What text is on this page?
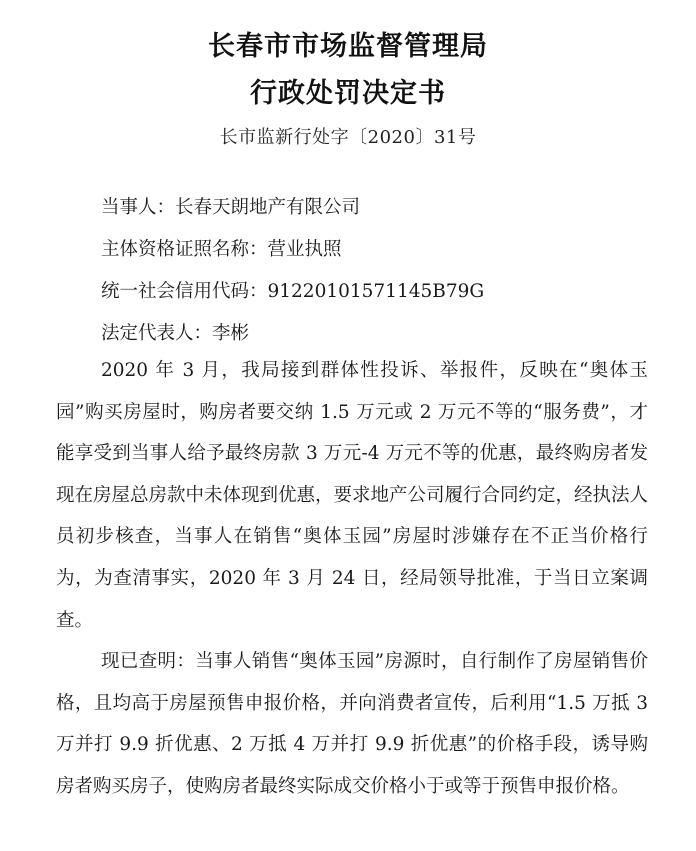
长春市市场监督管理局
行政处罚决定书
长市监新行处字〔2020〕31号
当事人：长春天朗地产有限公司
主体资格证照名称：营业执照
统一社会信用代码：91220101571145B79G
法定代表人：李彬

2020 年 3 月，我局接到群体性投诉、举报件，反映在“奥体玉园”购买房屋时，购房者要交纳 1.5 万元或 2 万元不等的“服务费”，才能享受到当事人给予最终房款 3 万元-4 万元不等的优惠，最终购房者发现在房屋总房款中未体现到优惠，要求地产公司履行合同约定，经执法人员初步核查，当事人在销售“奥体玉园”房屋时涉嫌存在不正当价格行为，为查清事实，2020 年 3 月 24 日，经局领导批准，于当日立案调查。

现已查明：当事人销售“奥体玉园”房源时，自行制作了房屋销售价格，且均高于房屋预售申报价格，并向消费者宣传，后利用“1.5 万抵 3 万并打 9.9 折优惠、2 万抵 4 万并打 9.9 折优惠”的价格手段，诱导购房者购买房子，使购房者最终实际成交价格小于或等于预售申报价格。
